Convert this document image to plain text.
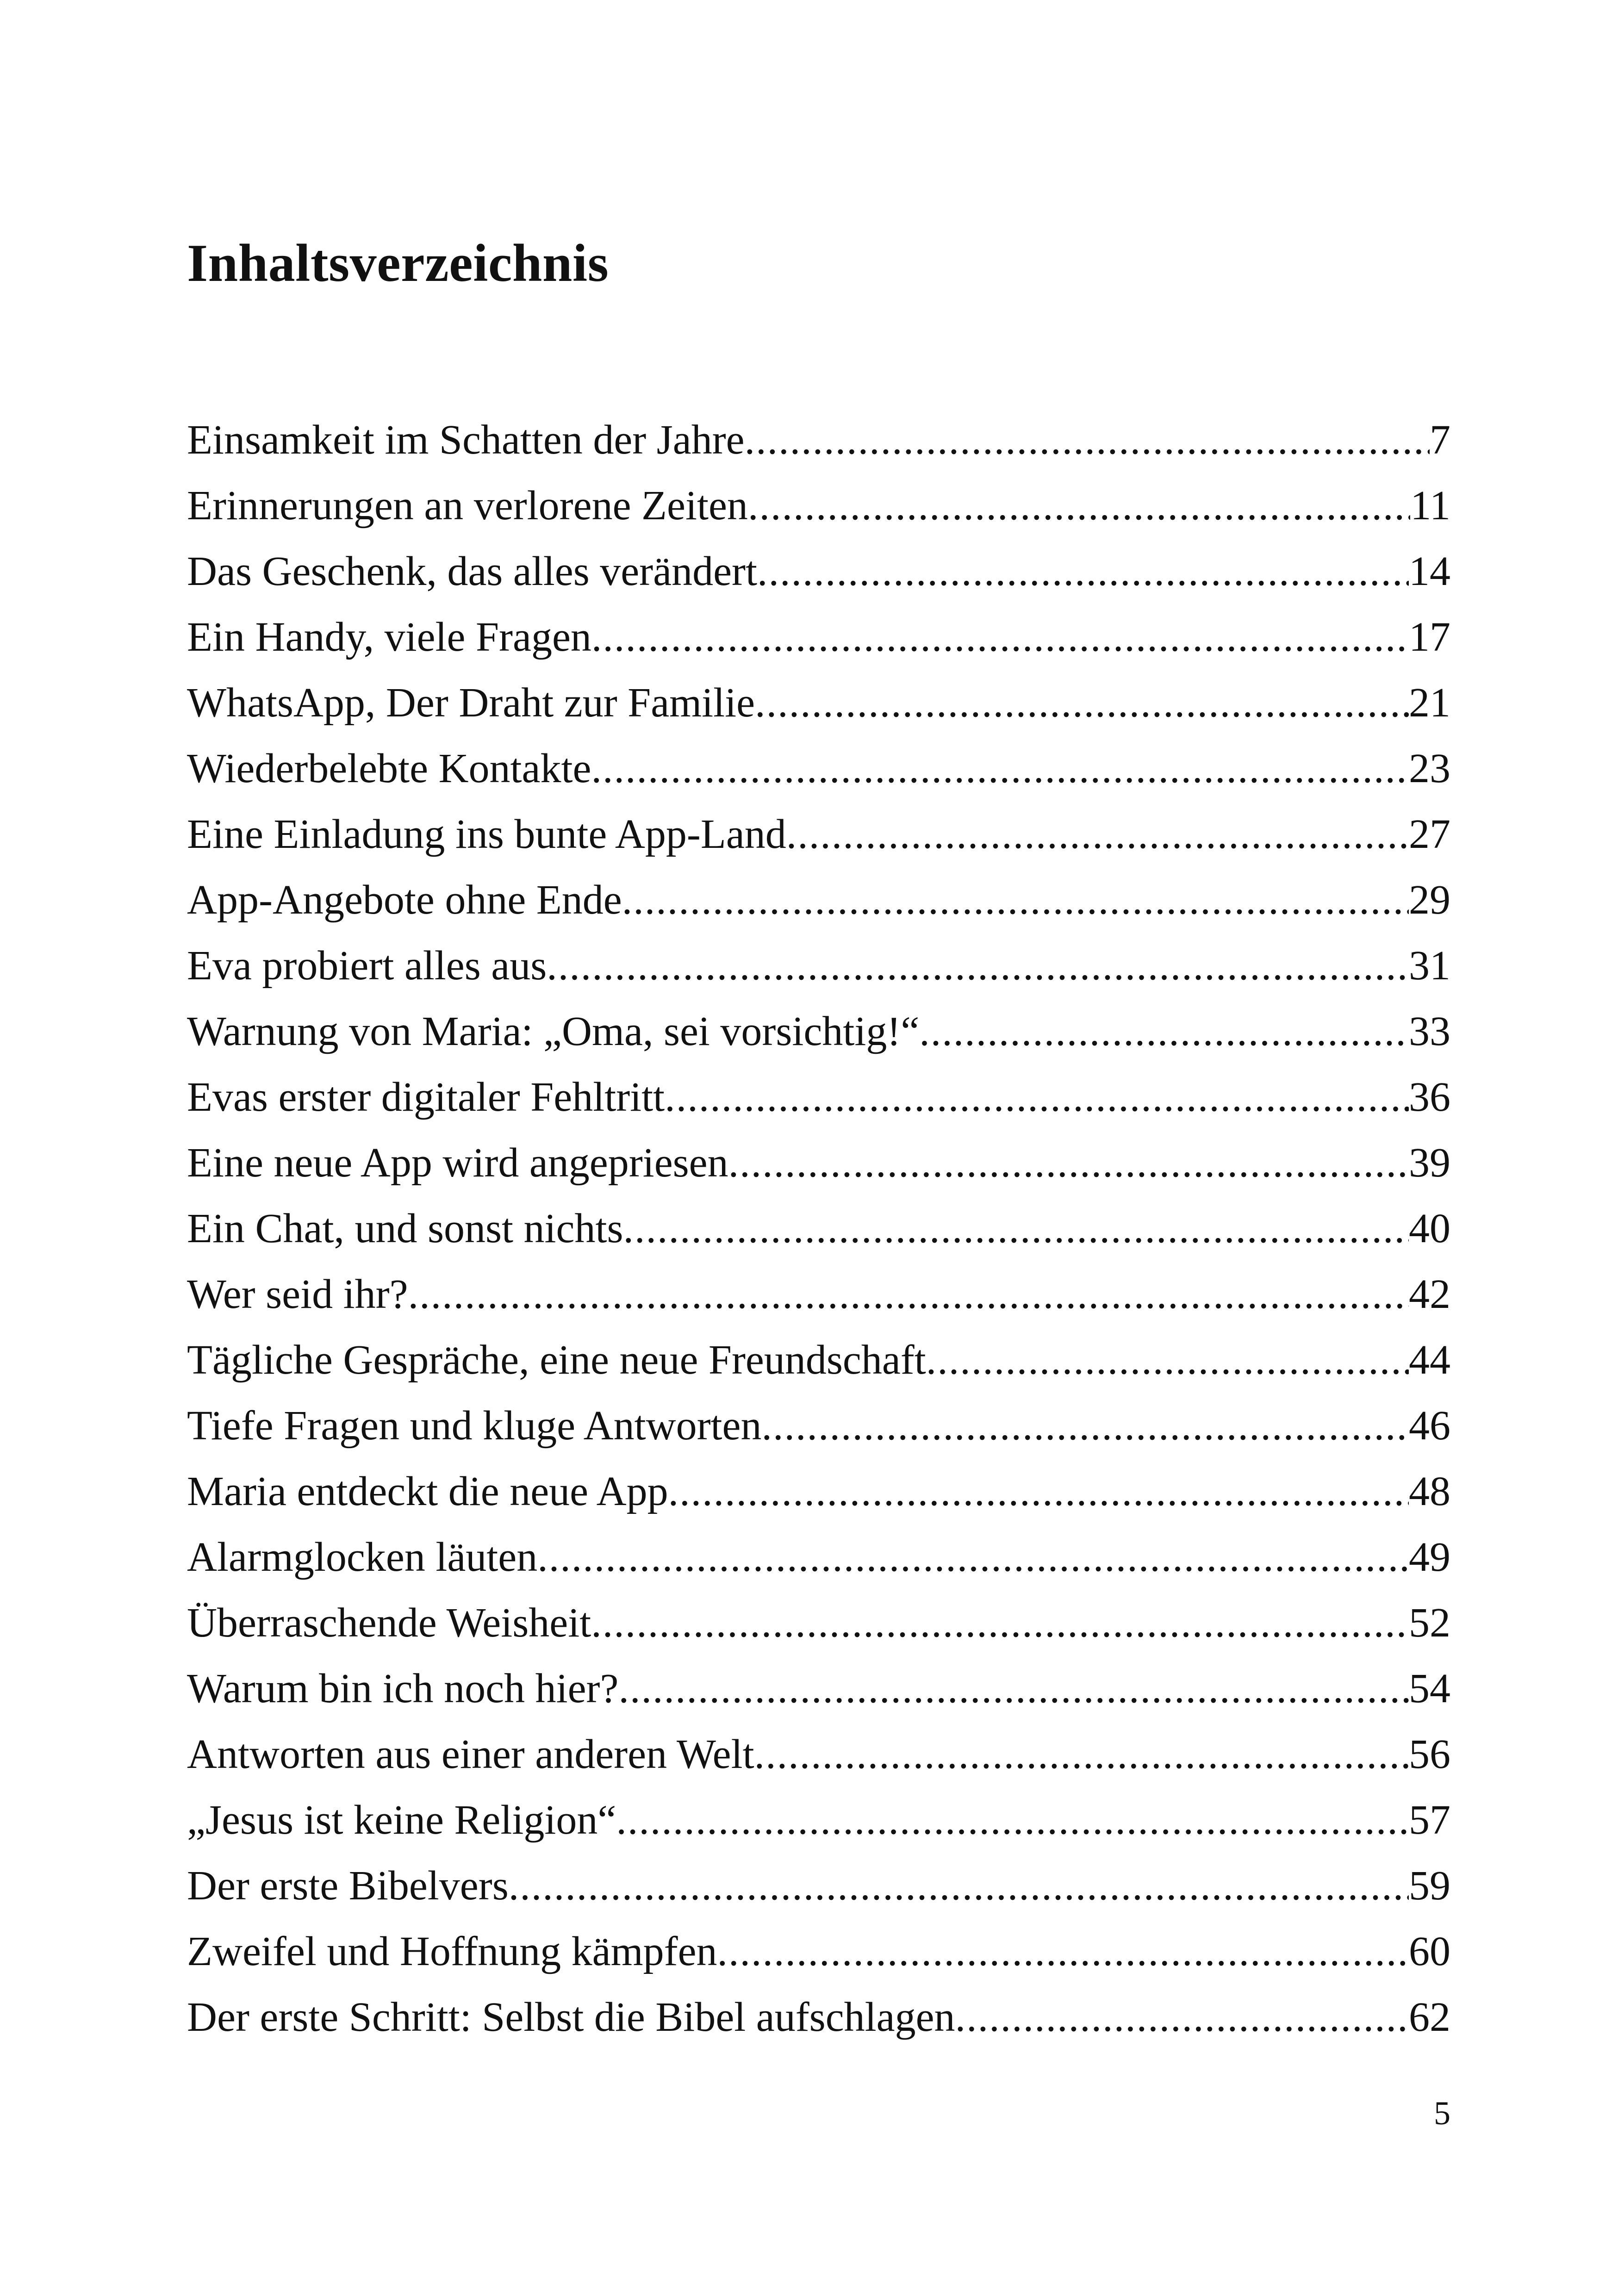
Inhaltsverzeichnis
Einsamkeit im Schatten der Jahre .....	7
Erinnerungen an verlorene Zeiten .....	11
Das Geschenk, das alles verändert .....	14
Ein Handy, viele Fragen .....	17
WhatsApp, Der Draht zur Familie .....	21
Wiederbelebte Kontakte .....	23
Eine Einladung ins bunte App-Land .....	27
App-Angebote ohne Ende .....	29
Eva probiert alles aus .....	31
Warnung von Maria: „Oma, sei vorsichtig!“ .....	33
Evas erster digitaler Fehltritt .....	36
Eine neue App wird angepriesen .....	39
Ein Chat, und sonst nichts .....	40
Wer seid ihr? .....	42
Tägliche Gespräche, eine neue Freundschaft .....	44
Tiefe Fragen und kluge Antworten .....	46
Maria entdeckt die neue App .....	48
Alarmglocken läuten .....	49
Überraschende Weisheit .....	52
Warum bin ich noch hier? .....	54
Antworten aus einer anderen Welt .....	56
„Jesus ist keine Religion“ .....	57
Der erste Bibelvers .....	59
Zweifel und Hoffnung kämpfen .....	60
Der erste Schritt: Selbst die Bibel aufschlagen .....	62
5
